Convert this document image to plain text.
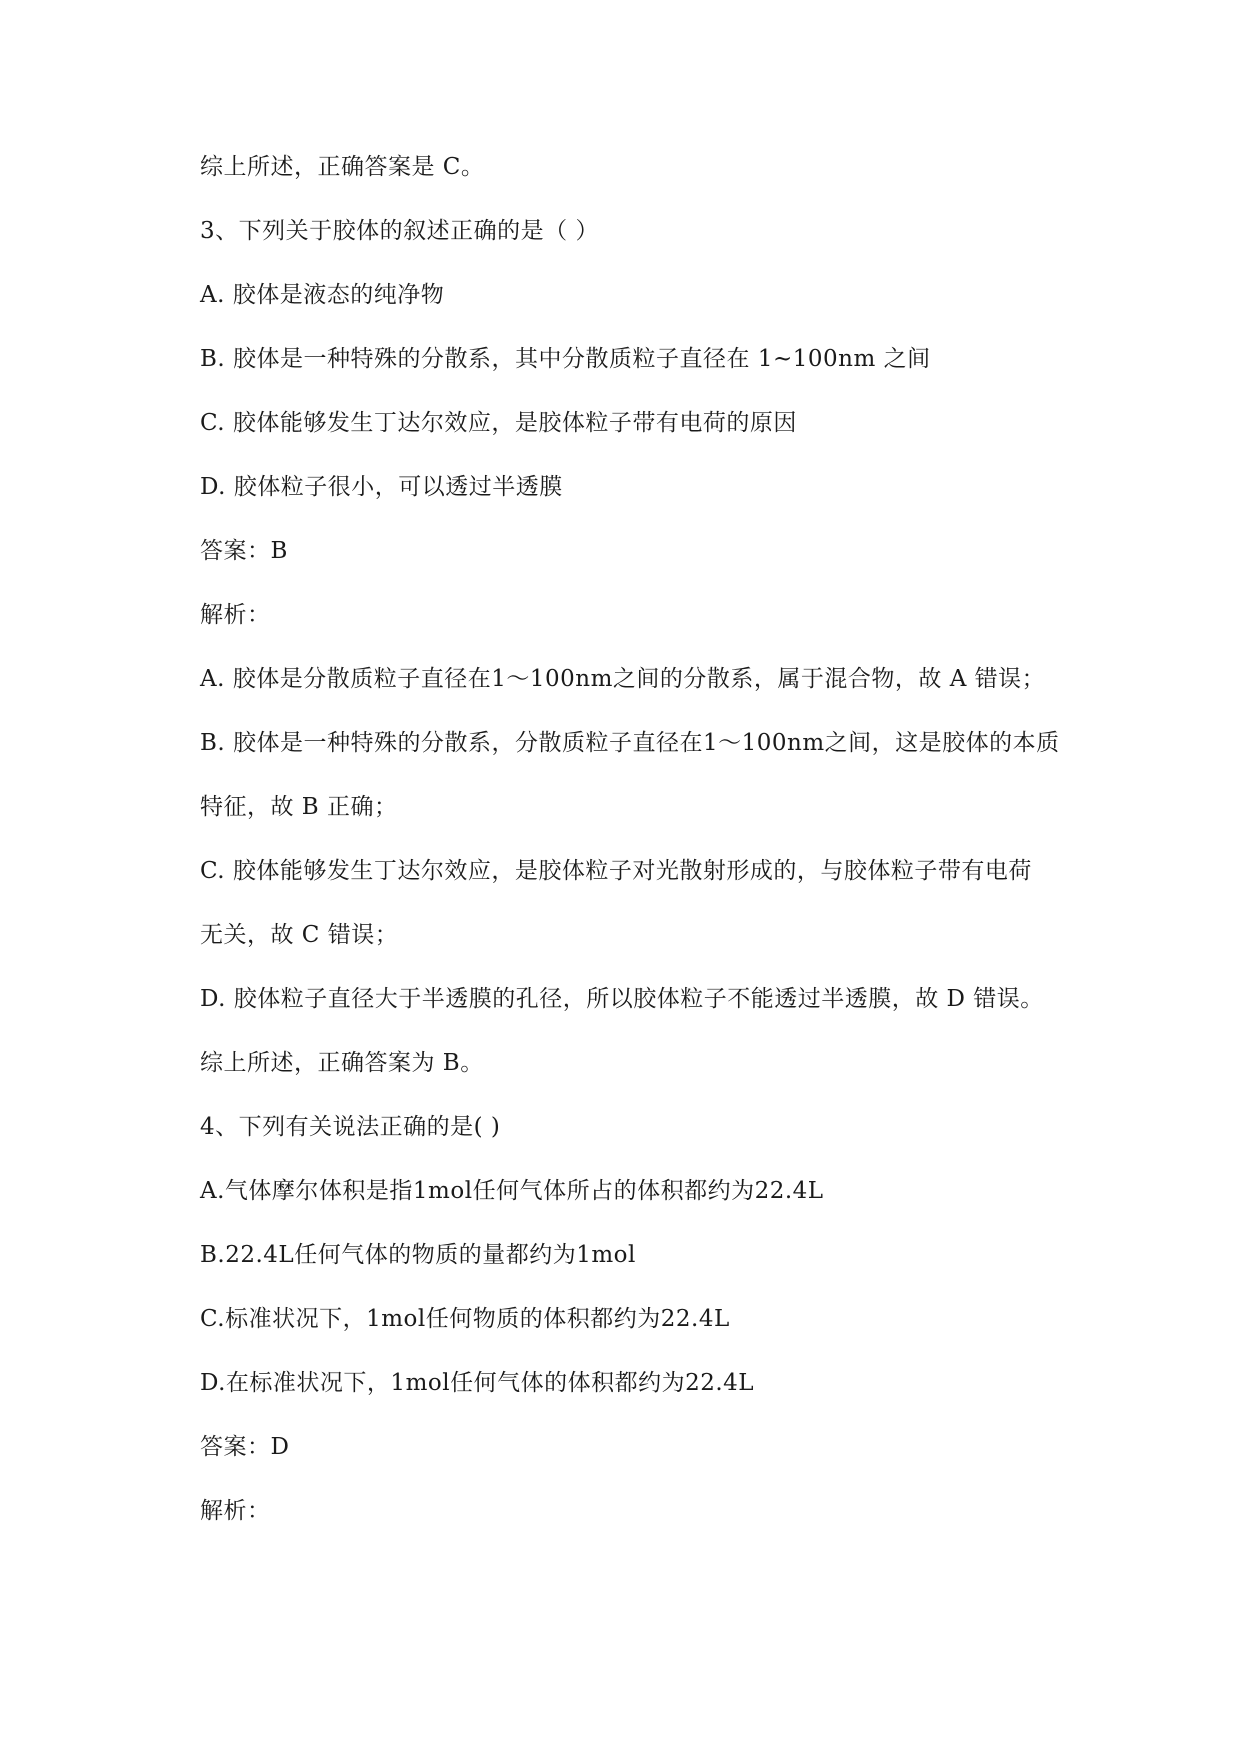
综上所述，正确答案是 C。

3、下列关于胶体的叙述正确的是（ ）

A. 胶体是液态的纯净物

B. 胶体是一种特殊的分散系，其中分散质粒子直径在 1~100nm 之间

C. 胶体能够发生丁达尔效应，是胶体粒子带有电荷的原因

D. 胶体粒子很小，可以透过半透膜

答案：B

解析：

A. 胶体是分散质粒子直径在1～100nm之间的分散系，属于混合物，故 A 错误；

B. 胶体是一种特殊的分散系，分散质粒子直径在1～100nm之间，这是胶体的本质

特征，故 B 正确；

C. 胶体能够发生丁达尔效应，是胶体粒子对光散射形成的，与胶体粒子带有电荷

无关，故 C 错误；

D. 胶体粒子直径大于半透膜的孔径，所以胶体粒子不能透过半透膜，故 D 错误。

综上所述，正确答案为 B。

4、下列有关说法正确的是( )

A.气体摩尔体积是指1mol任何气体所占的体积都约为22.4L

B.22.4L任何气体的物质的量都约为1mol

C.标准状况下，1mol任何物质的体积都约为22.4L

D.在标准状况下，1mol任何气体的体积都约为22.4L

答案：D

解析：
